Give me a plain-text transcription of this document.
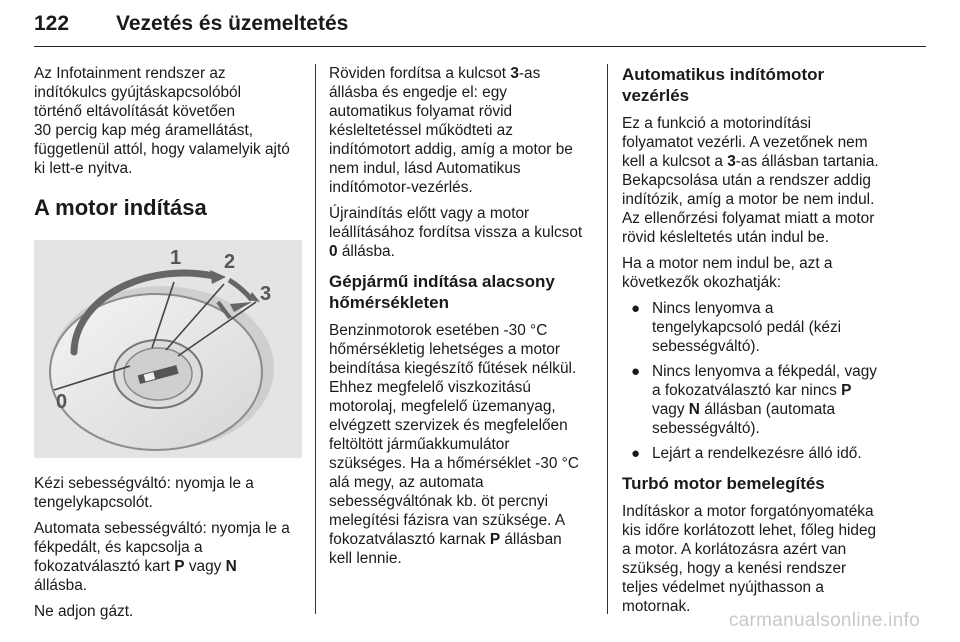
122 Vezetés és üzemeltetés

Az Infotainment rendszer az
indítókulcs gyújtáskapcsolóból
történő eltávolítását követően
30 percig kap még áramellátást,
függetlenül attól, hogy valamelyik ajtó
ki lett-e nyitva.

A motor indítása
0
1 2
3

Kézi sebességváltó: nyomja le a
tengelykapcsolót.

Automata sebességváltó: nyomja le a
fékpedált, és kapcsolja a
fokozatválasztó kart P vagy N
állásba.

Ne adjon gázt.

Röviden fordítsa a kulcsot 3-as
állásba és engedje el: egy
automatikus folyamat rövid
késleltetéssel működteti az
indítómotort addig, amíg a motor be
nem indul, lásd Automatikus
indítómotor-vezérlés.

Újraindítás előtt vagy a motor
leállításához fordítsa vissza a kulcsot
0 állásba.

Gépjármű indítása alacsony
hőmérsékleten

Benzinmotorok esetében -30 °C
hőmérsékletig lehetséges a motor
beindítása kiegészítő fűtések nélkül.
Ehhez megfelelő viszkozitású
motorolaj, megfelelő üzemanyag,
elvégzett szervizek és megfelelően
feltöltött járműakkumulátor
szükséges. Ha a hőmérséklet -30 °C
alá megy, az automata
sebességváltónak kb. öt percnyi
melegítési fázisra van szüksége. A
fokozatválasztó karnak P állásban
kell lennie.

Automatikus indítómotor vezérlés

Ez a funkció a motorindítási
folyamatot vezérli. A vezetőnek nem
kell a kulcsot a 3-as állásban tartania.
Bekapcsolása után a rendszer addig
indítózik, amíg a motor be nem indul.
Az ellenőrzési folyamat miatt a motor
rövid késleltetés után indul be.

Ha a motor nem indul be, azt a
következők okozhatják:

● Nincs lenyomva a
tengelykapcsoló pedál (kézi
sebességváltó).
● Nincs lenyomva a fékpedál, vagy
a fokozatválasztó kar nincs P
vagy N állásban (automata
sebességváltó).
● Lejárt a rendelkezésre álló idő.
Turbó motor bemelegítés

Indításkor a motor forgatónyomatéka
kis időre korlátozott lehet, főleg hideg
a motor. A korlátozásra azért van
szükség, hogy a kenési rendszer
teljes védelmet nyújthasson a
motornak.

carmanualsonline.info
